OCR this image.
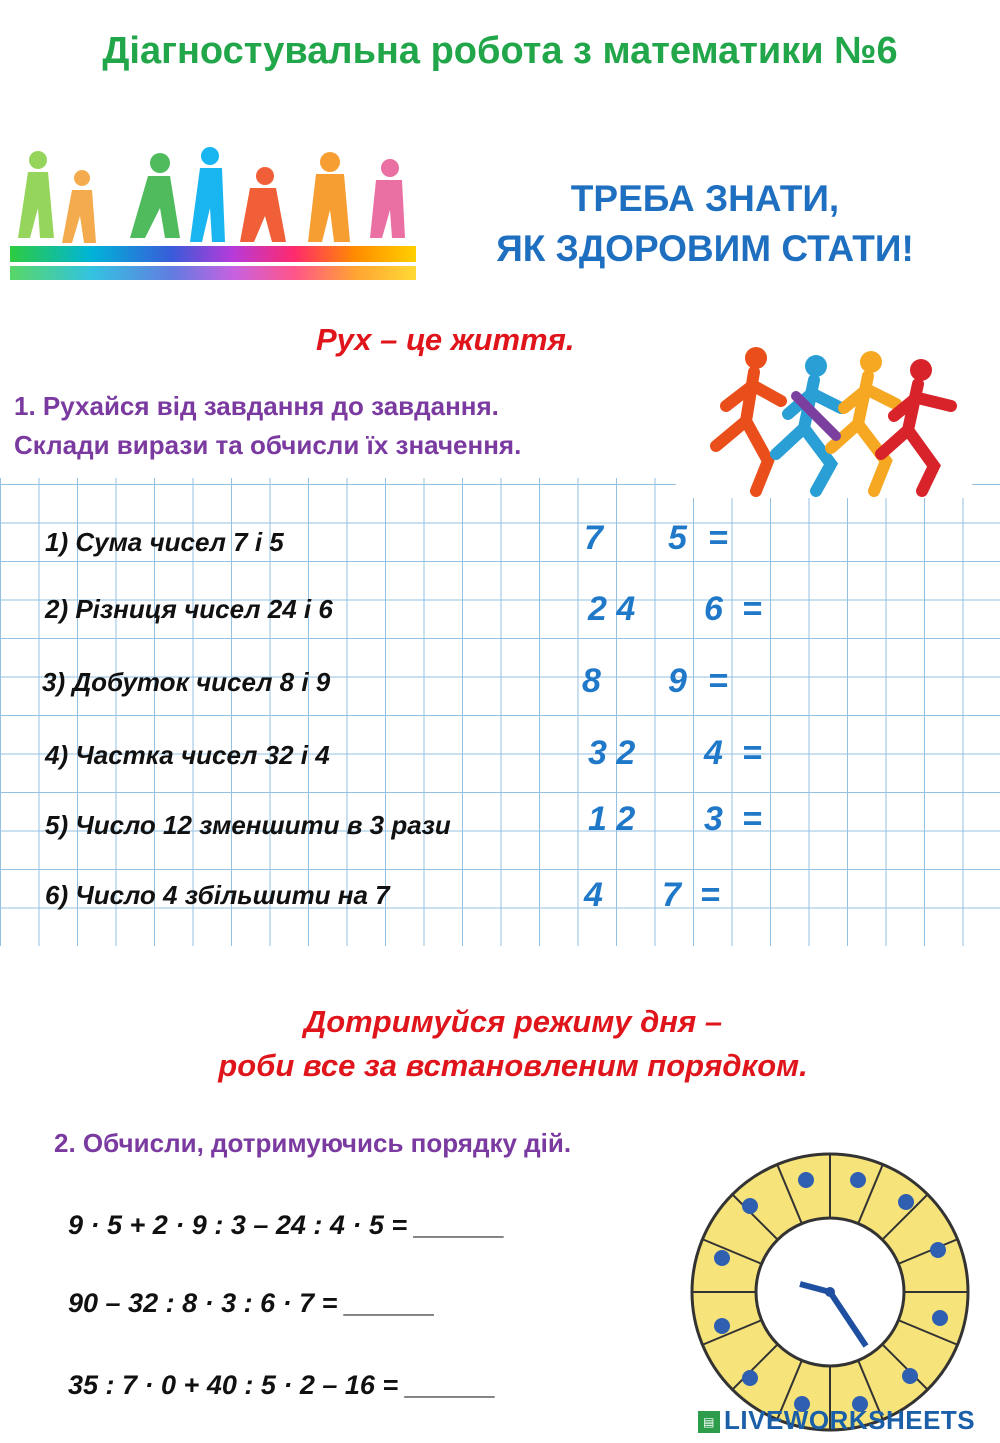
Діагностувальна робота з математики №6
ТРЕБА ЗНАТИ,
ЯК ЗДОРОВИМ СТАТИ!
Рух – це життя.
1. Рухайся від завдання до завдання.
Склади вирази та обчисли їх значення.
1) Сума чисел 7 і 5
2) Різниця чисел 24 і 6
3) Добуток чисел 8 і 9
4) Частка чисел 32 і 4
5) Число 12 зменшити в 3 рази
6) Число 4 збільшити на 7
7 5 =
2 4 6 =
8 9 =
3 2 4 =
1 2 3 =
4 7 =
Дотримуйся режиму дня –
роби все за встановленим порядком.
2. Обчисли, дотримуючись порядку дій.
9 · 5 + 2 · 9 : 3 – 24 : 4 · 5 = ______
90 – 32 : 8 · 3 : 6 · 7 = ______
35 : 7 · 0 + 40 : 5 · 2 – 16 = ______
▤ LIVEWORKSHEETS
